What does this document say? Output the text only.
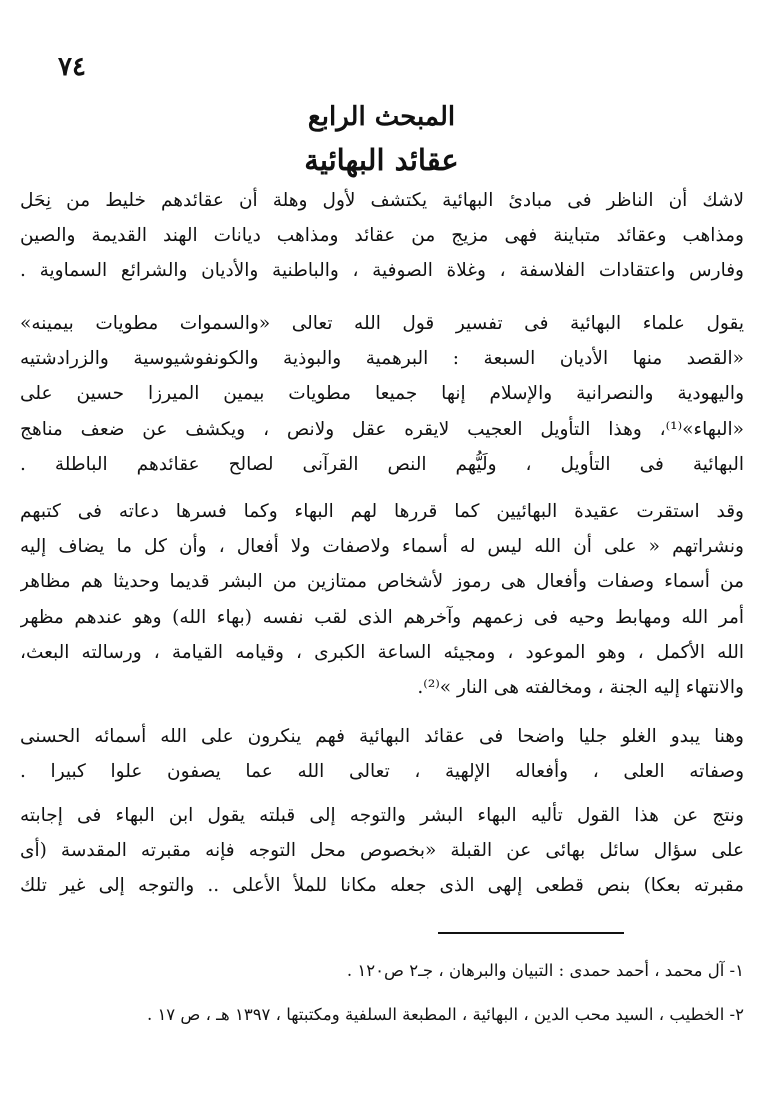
٧٤
المبحث الرابع
عقائد البهائية
لاشك أن الناظر فى مبادئ البهائية يكتشف لأول وهلة أن عقائدهم خليط من نِحَل
ومذاهب وعقائد متباينة فهى مزيج من عقائد ومذاهب ديانات الهند القديمة والصين
وفارس واعتقادات الفلاسفة ، وغلاة الصوفية ، والباطنية والأديان والشرائع السماوية .
يقول علماء البهائية فى تفسير قول الله تعالى «والسموات مطويات بيمينه»
«القصد منها الأديان السبعة : البرهمية والبوذية والكونفوشيوسية والزرادشتيه
واليهودية والنصرانية والإسلام إنها جميعا مطويات بيمين الميرزا حسين على
«البهاء»⁽¹⁾، وهذا التأويل العجيب لايقره عقل ولانص ، ويكشف عن ضعف مناهج
البهائية فى التأويل ، ولَيُّهم النص القرآنى لصالح عقائدهم الباطلة .
وقد استقرت عقيدة البهائيين كما قررها لهم البهاء وكما فسرها دعاته فى كتبهم
ونشراتهم « على أن الله ليس له أسماء ولاصفات ولا أفعال ، وأن كل ما يضاف إليه
من أسماء وصفات وأفعال هى رموز لأشخاص ممتازين من البشر قديما وحديثا هم مظاهر
أمر الله ومهابط وحيه فى زعمهم وآخرهم الذى لقب نفسه (بهاء الله) وهو عندهم مظهر
الله الأكمل ، وهو الموعود ، ومجيئه الساعة الكبرى ، وقيامه القيامة ، ورسالته البعث،
والانتهاء إليه الجنة ، ومخالفته هى النار »⁽²⁾.
وهنا يبدو الغلو جليا واضحا فى عقائد البهائية فهم ينكرون على الله أسمائه الحسنى
وصفاته العلى ، وأفعاله الإلهية ، تعالى الله عما يصفون علوا كبيرا .
ونتج عن هذا القول تأليه البهاء البشر والتوجه إلى قبلته يقول ابن البهاء فى إجابته
على سؤال سائل بهائى عن القبلة «بخصوص محل التوجه فإنه مقبرته المقدسة (أى
مقبرته بعكا) بنص قطعى إلهى الذى جعله مكانا للملأ الأعلى .. والتوجه إلى غير تلك
١- آل محمد ، أحمد حمدى : التبيان والبرهان ، جـ٢ ص١٢٠ .
٢- الخطيب ، السيد محب الدين ، البهائية ، المطبعة السلفية ومكتبتها ، ١٣٩٧ هـ ، ص ١٧ .
